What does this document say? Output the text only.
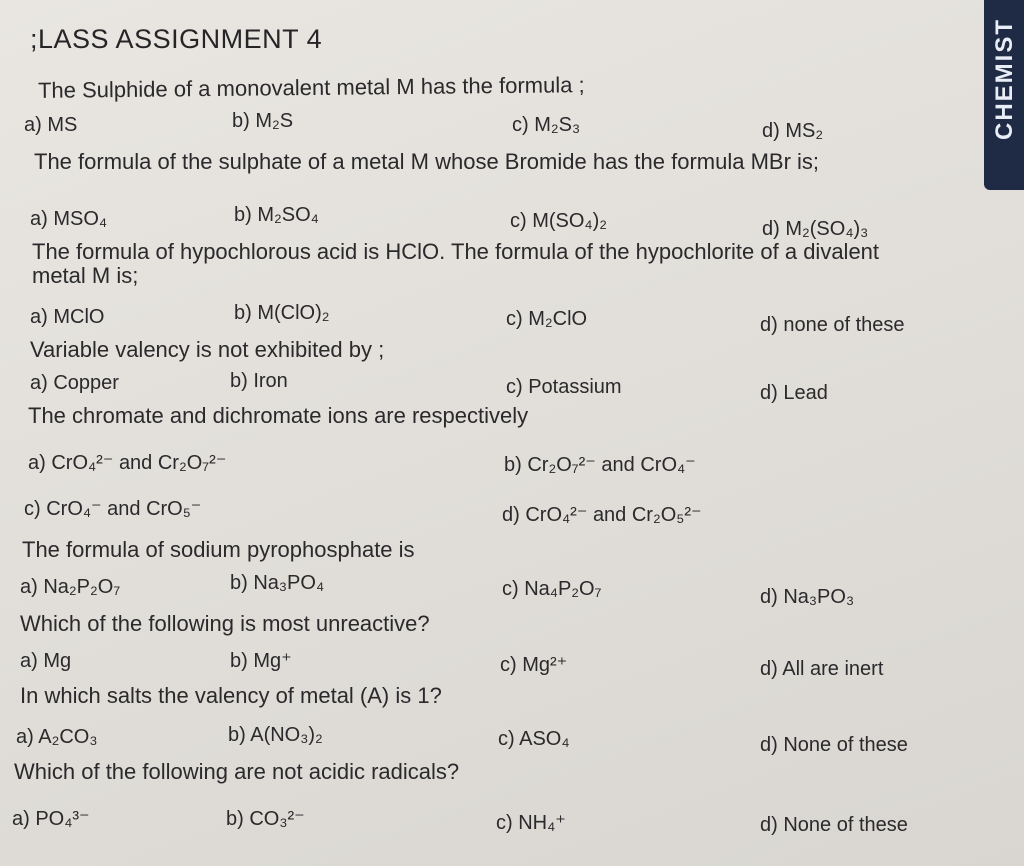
;LASS ASSIGNMENT 4	CHEMIST
The Sulphide of a monovalent metal M has the formula ;
a) MS	b) M₂S	c) M₂S₃	d) MS₂
The formula of the sulphate of a metal M whose Bromide has the formula MBr is;
a) MSO₄	b) M₂SO₄	c) M(SO₄)₂	d) M₂(SO₄)₃
The formula of hypochlorous acid is HClO. The formula of the hypochlorite of a divalent metal M is;
a) MClO	b) M(ClO)₂	c) M₂ClO	d) none of these
Variable valency is not exhibited by ;
a) Copper	b) Iron	c) Potassium	d) Lead
The chromate and dichromate ions are respectively
a) CrO₄²⁻ and Cr₂O₇²⁻	b) Cr₂O₇²⁻ and CrO₄⁻
c) CrO₄⁻ and CrO₅⁻	d) CrO₄²⁻ and Cr₂O₅²⁻
The formula of sodium pyrophosphate is
a) Na₂P₂O₇	b) Na₃PO₄	c) Na₄P₂O₇	d) Na₃PO₃
Which of the following is most unreactive?
a) Mg	b) Mg⁺	c) Mg²⁺	d) All are inert
In which salts the valency of metal (A) is 1?
a) A₂CO₃	b) A(NO₃)₂	c) ASO₄	d) None of these
Which of the following are not acidic radicals?
a) PO₄³⁻	b) CO₃²⁻	c) NH₄⁺	d) None of these
